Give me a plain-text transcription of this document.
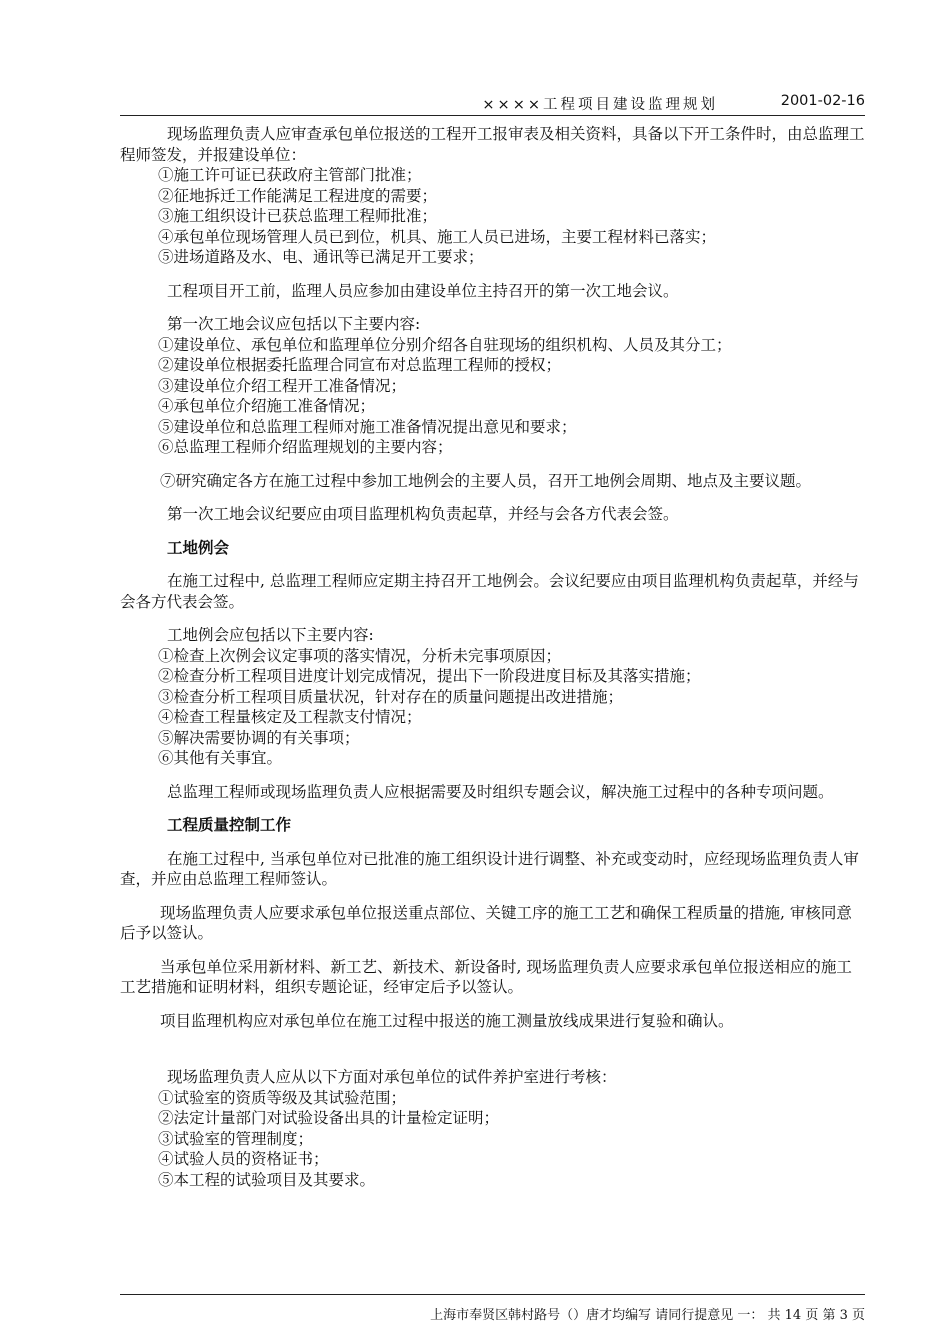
××××工程项目建设监理规划	2001-02-16

现场监理负责人应审查承包单位报送的工程开工报审表及相关资料，具备以下开工条件时，由总监理工程师签发，并报建设单位：

①施工许可证已获政府主管部门批准；
②征地拆迁工作能满足工程进度的需要；
③施工组织设计已获总监理工程师批准；
④承包单位现场管理人员已到位，机具、施工人员已进场，主要工程材料已落实；
⑤进场道路及水、电、通讯等已满足开工要求；

工程项目开工前，监理人员应参加由建设单位主持召开的第一次工地会议。

第一次工地会议应包括以下主要内容:

①建设单位、承包单位和监理单位分别介绍各自驻现场的组织机构、人员及其分工；
②建设单位根据委托监理合同宣布对总监理工程师的授权；
③建设单位介绍工程开工准备情况；
④承包单位介绍施工准备情况；
⑤建设单位和总监理工程师对施工准备情况提出意见和要求；
⑥总监理工程师介绍监理规划的主要内容；

⑦研究确定各方在施工过程中参加工地例会的主要人员，召开工地例会周期、地点及主要议题。

第一次工地会议纪要应由项目监理机构负责起草，并经与会各方代表会签。

工地例会

在施工过程中, 总监理工程师应定期主持召开工地例会。会议纪要应由项目监理机构负责起草，并经与会各方代表会签。

工地例会应包括以下主要内容:

①检查上次例会议定事项的落实情况，分析未完事项原因；
②检查分析工程项目进度计划完成情况，提出下一阶段进度目标及其落实措施；
③检查分析工程项目质量状况，针对存在的质量问题提出改进措施；
④检查工程量核定及工程款支付情况；
⑤解决需要协调的有关事项；
⑥其他有关事宜。

总监理工程师或现场监理负责人应根据需要及时组织专题会议，解决施工过程中的各种专项问题。

工程质量控制工作

在施工过程中, 当承包单位对已批准的施工组织设计进行调整、补充或变动时，应经现场监理负责人审查，并应由总监理工程师签认。

现场监理负责人应要求承包单位报送重点部位、关键工序的施工工艺和确保工程质量的措施, 审核同意后予以签认。

当承包单位采用新材料、新工艺、新技术、新设备时, 现场监理负责人应要求承包单位报送相应的施工工艺措施和证明材料，组织专题论证，经审定后予以签认。

项目监理机构应对承包单位在施工过程中报送的施工测量放线成果进行复验和确认。

现场监理负责人应从以下方面对承包单位的试件养护室进行考核：

①试验室的资质等级及其试验范围；
②法定计量部门对试验设备出具的计量检定证明；
③试验室的管理制度；
④试验人员的资格证书；
⑤本工程的试验项目及其要求。
上海市奉贤区韩村路号（）唐才均编写 请同行提意见 一： 共 14 页 第 3 页
